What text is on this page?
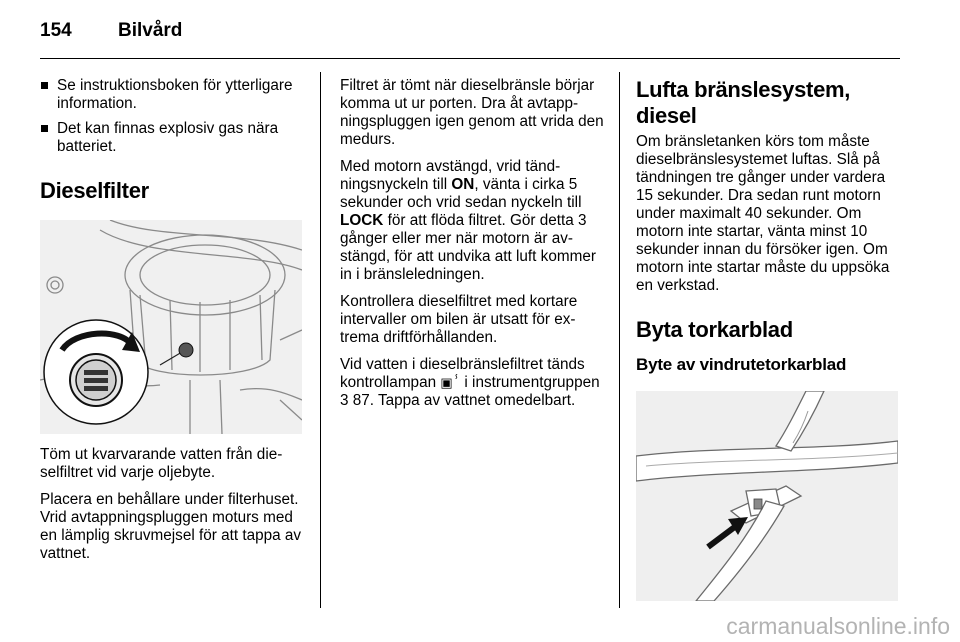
154 Bilvård
Se instruktionsboken för ytterligare information.
Det kan finnas explosiv gas nära batteriet.
Dieselfilter

Töm ut kvarvarande vatten från dieselfiltret vid varje oljebyte.

Placera en behållare under filterhuset. Vrid avtappningspluggen moturs med en lämplig skruvmejsel för att tappa av vattnet.

Filtret är tömt när dieselbränsle börjar komma ut ur porten. Dra åt avtappningspluggen igen genom att vrida den medurs.

Med motorn avstängd, vrid tändningsnyckeln till ON, vänta i cirka 5 sekunder och vrid sedan nyckeln till LOCK för att flöda filtret. Gör detta 3 gånger eller mer när motorn är avstängd, för att undvika att luft kommer in i bränsleledningen.

Kontrollera dieselfiltret med kortare intervaller om bilen är utsatt för extrema driftförhållanden.

Vid vatten i dieselbränslefiltret tänds kontrollampan ▣ⸯ i instrumentgruppen 3 87. Tappa av vattnet omedelbart.

Lufta bränslesystem, diesel

Om bränsletanken körs tom måste dieselbränslesystemet luftas. Slå på tändningen tre gånger under vardera 15 sekunder. Dra sedan runt motorn under maximalt 40 sekunder. Om motorn inte startar, vänta minst 10 sekunder innan du försöker igen. Om motorn inte startar måste du uppsöka en verkstad.

Byta torkarblad
Byte av vindrutetorkarblad
carmanualsonline.info
